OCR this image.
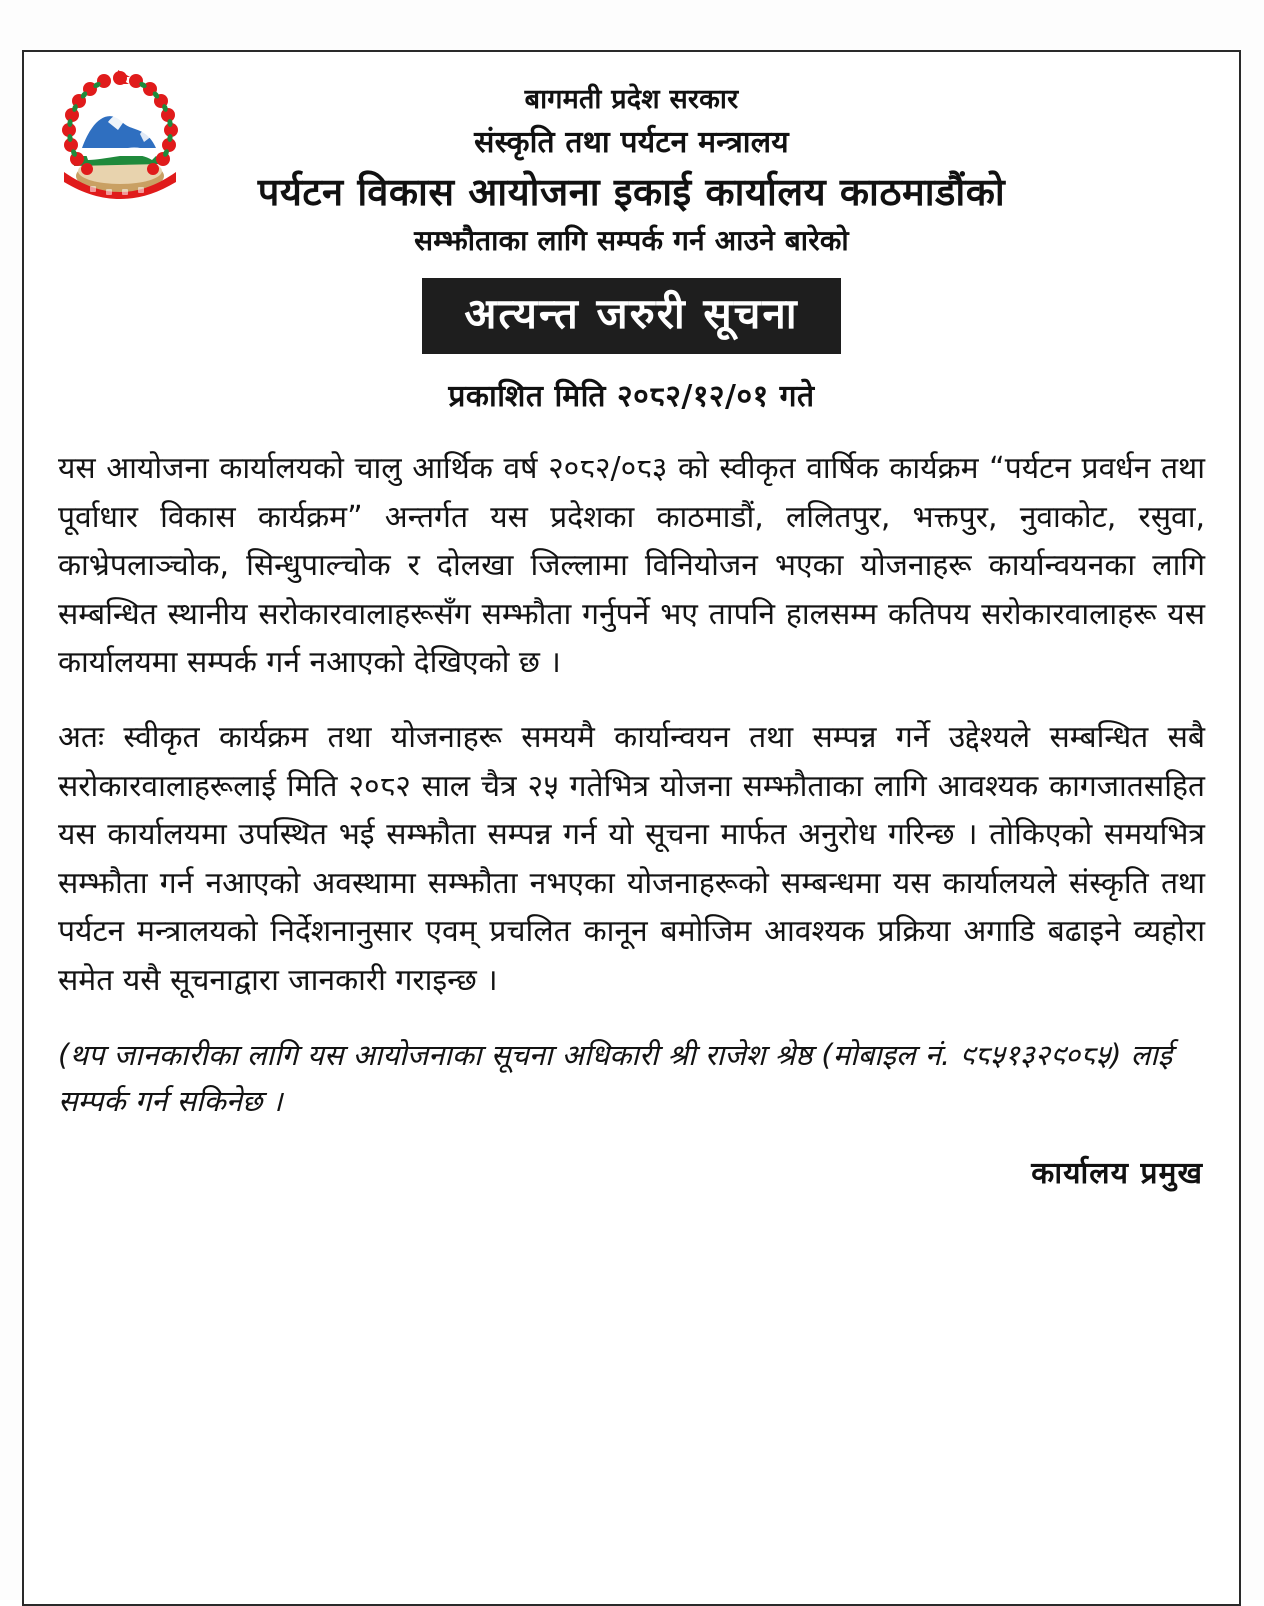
बागमती प्रदेश सरकार
संस्कृति तथा पर्यटन मन्त्रालय
पर्यटन विकास आयोजना इकाई कार्यालय काठमाडौंको
सम्झौताका लागि सम्पर्क गर्न आउने बारेको
अत्यन्त जरुरी सूचना
प्रकाशित मिति २०८२/१२/०१ गते

यस आयोजना कार्यालयको चालु आर्थिक वर्ष २०८२/०८३ को स्वीकृत वार्षिक कार्यक्रम “पर्यटन प्रवर्धन तथा पूर्वाधार विकास कार्यक्रम” अन्तर्गत यस प्रदेशका काठमाडौं, ललितपुर, भक्तपुर, नुवाकोट, रसुवा, काभ्रेपलाञ्चोक, सिन्धुपाल्चोक र दोलखा जिल्लामा विनियोजन भएका योजनाहरू कार्यान्वयनका लागि सम्बन्धित स्थानीय सरोकारवालाहरूसँग सम्झौता गर्नुपर्ने भए तापनि हालसम्म कतिपय सरोकारवालाहरू यस कार्यालयमा सम्पर्क गर्न नआएको देखिएको छ ।

अतः स्वीकृत कार्यक्रम तथा योजनाहरू समयमै कार्यान्वयन तथा सम्पन्न गर्ने उद्देश्यले सम्बन्धित सबै सरोकारवालाहरूलाई मिति २०८२ साल चैत्र २५ गतेभित्र योजना सम्झौताका लागि आवश्यक कागजातसहित यस कार्यालयमा उपस्थित भई सम्झौता सम्पन्न गर्न यो सूचना मार्फत अनुरोध गरिन्छ । तोकिएको समयभित्र सम्झौता गर्न नआएको अवस्थामा सम्झौता नभएका योजनाहरूको सम्बन्धमा यस कार्यालयले संस्कृति तथा पर्यटन मन्त्रालयको निर्देशनानुसार एवम् प्रचलित कानून बमोजिम आवश्यक प्रक्रिया अगाडि बढाइने व्यहोरा समेत यसै सूचनाद्वारा जानकारी गराइन्छ ।

(थप जानकारीका लागि यस आयोजनाका सूचना अधिकारी श्री राजेश श्रेष्ठ (मोबाइल नं. ९८५१३२९०८५) लाई सम्पर्क गर्न सकिनेछ ।

कार्यालय प्रमुख
